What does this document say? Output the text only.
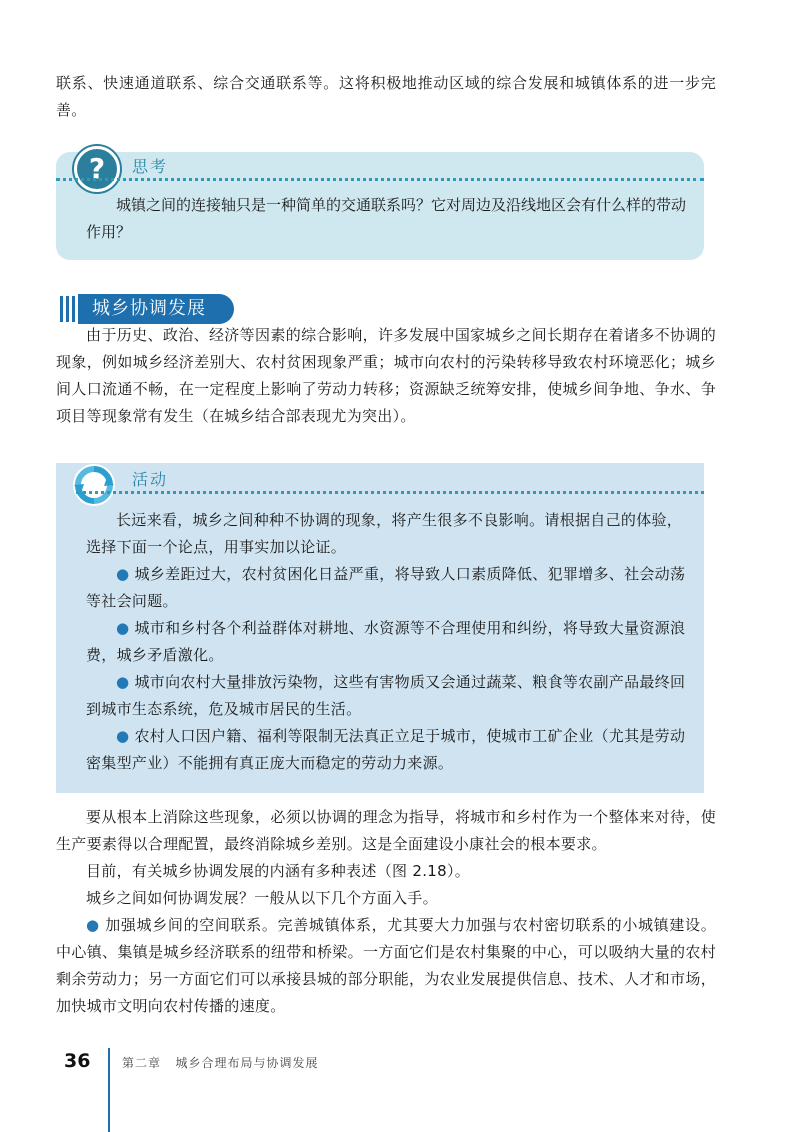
联系、快速通道联系、综合交通联系等。这将积极地推动区域的综合发展和城镇体系的进一步完善。

?	思考

城镇之间的连接轴只是一种简单的交通联系吗？它对周边及沿线地区会有什么样的带动作用？

城乡协调发展

由于历史、政治、经济等因素的综合影响，许多发展中国家城乡之间长期存在着诸多不协调的现象，例如城乡经济差别大、农村贫困现象严重；城市向农村的污染转移导致农村环境恶化；城乡间人口流通不畅，在一定程度上影响了劳动力转移；资源缺乏统筹安排，使城乡间争地、争水、争项目等现象常有发生（在城乡结合部表现尤为突出）。

活动

长远来看，城乡之间种种不协调的现象，将产生很多不良影响。请根据自己的体验，选择下面一个论点，用事实加以论证。

● 城乡差距过大，农村贫困化日益严重，将导致人口素质降低、犯罪增多、社会动荡等社会问题。

● 城市和乡村各个利益群体对耕地、水资源等不合理使用和纠纷，将导致大量资源浪费，城乡矛盾激化。

● 城市向农村大量排放污染物，这些有害物质又会通过蔬菜、粮食等农副产品最终回到城市生态系统，危及城市居民的生活。

● 农村人口因户籍、福利等限制无法真正立足于城市，使城市工矿企业（尤其是劳动密集型产业）不能拥有真正庞大而稳定的劳动力来源。

要从根本上消除这些现象，必须以协调的理念为指导，将城市和乡村作为一个整体来对待，使生产要素得以合理配置，最终消除城乡差别。这是全面建设小康社会的根本要求。

目前，有关城乡协调发展的内涵有多种表述（图 2.18）。

城乡之间如何协调发展？一般从以下几个方面入手。

● 加强城乡间的空间联系。完善城镇体系，尤其要大力加强与农村密切联系的小城镇建设。中心镇、集镇是城乡经济联系的纽带和桥梁。一方面它们是农村集聚的中心，可以吸纳大量的农村剩余劳动力；另一方面它们可以承接县城的部分职能，为农业发展提供信息、技术、人才和市场，加快城市文明向农村传播的速度。

36	第二章 城乡合理布局与协调发展
